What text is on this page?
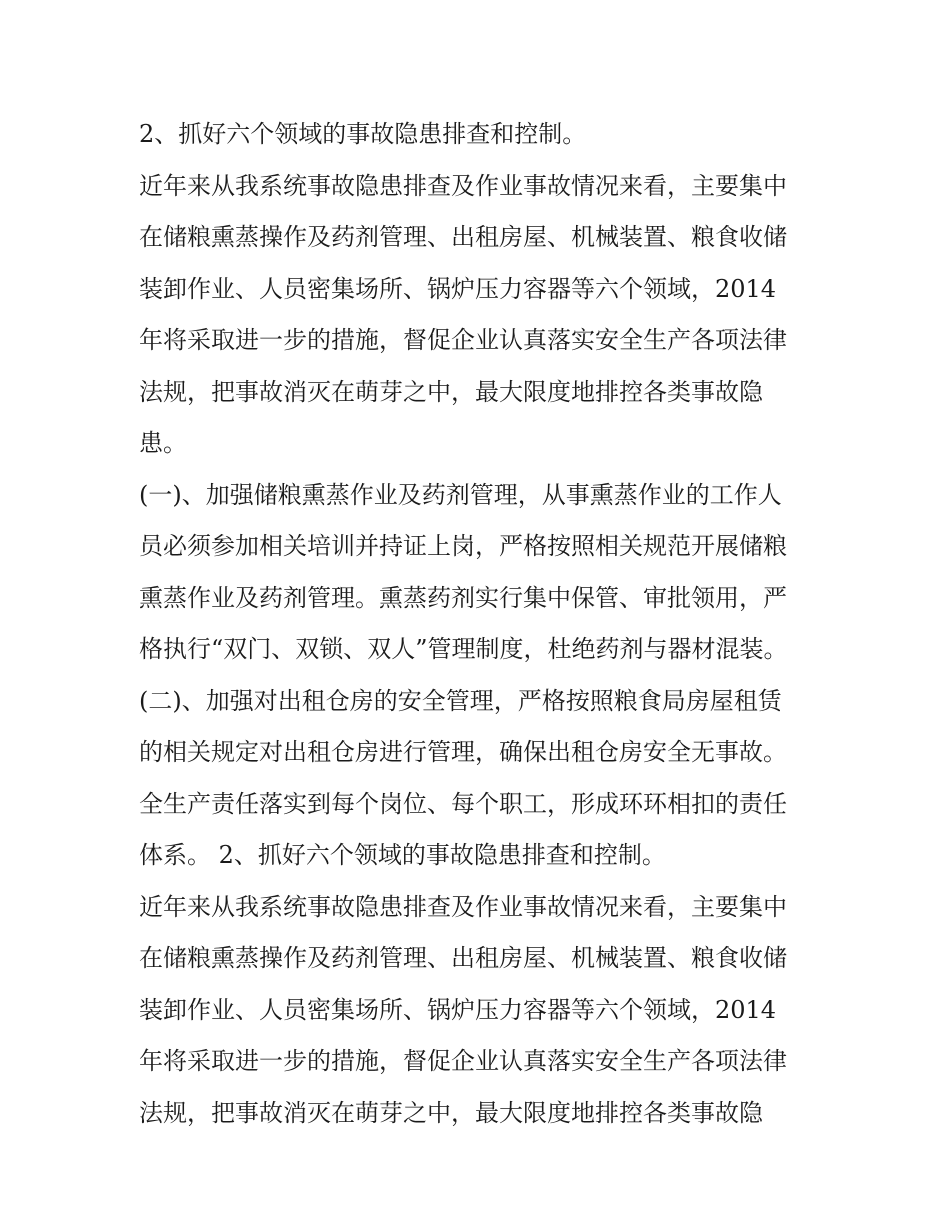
2、抓好六个领域的事故隐患排查和控制。
近年来从我系统事故隐患排查及作业事故情况来看，主要集中
在储粮熏蒸操作及药剂管理、出租房屋、机械装置、粮食收储
装卸作业、人员密集场所、锅炉压力容器等六个领域，2014
年将采取进一步的措施，督促企业认真落实安全生产各项法律
法规，把事故消灭在萌芽之中，最大限度地排控各类事故隐
患。
(一)、加强储粮熏蒸作业及药剂管理，从事熏蒸作业的工作人
员必须参加相关培训并持证上岗，严格按照相关规范开展储粮
熏蒸作业及药剂管理。熏蒸药剂实行集中保管、审批领用，严
格执行“双门、双锁、双人”管理制度，杜绝药剂与器材混装。
(二)、加强对出租仓房的安全管理，严格按照粮食局房屋租赁
的相关规定对出租仓房进行管理，确保出租仓房安全无事故。
全生产责任落实到每个岗位、每个职工，形成环环相扣的责任
体系。 2、抓好六个领域的事故隐患排查和控制。
近年来从我系统事故隐患排查及作业事故情况来看，主要集中
在储粮熏蒸操作及药剂管理、出租房屋、机械装置、粮食收储
装卸作业、人员密集场所、锅炉压力容器等六个领域，2014
年将采取进一步的措施，督促企业认真落实安全生产各项法律
法规，把事故消灭在萌芽之中，最大限度地排控各类事故隐
